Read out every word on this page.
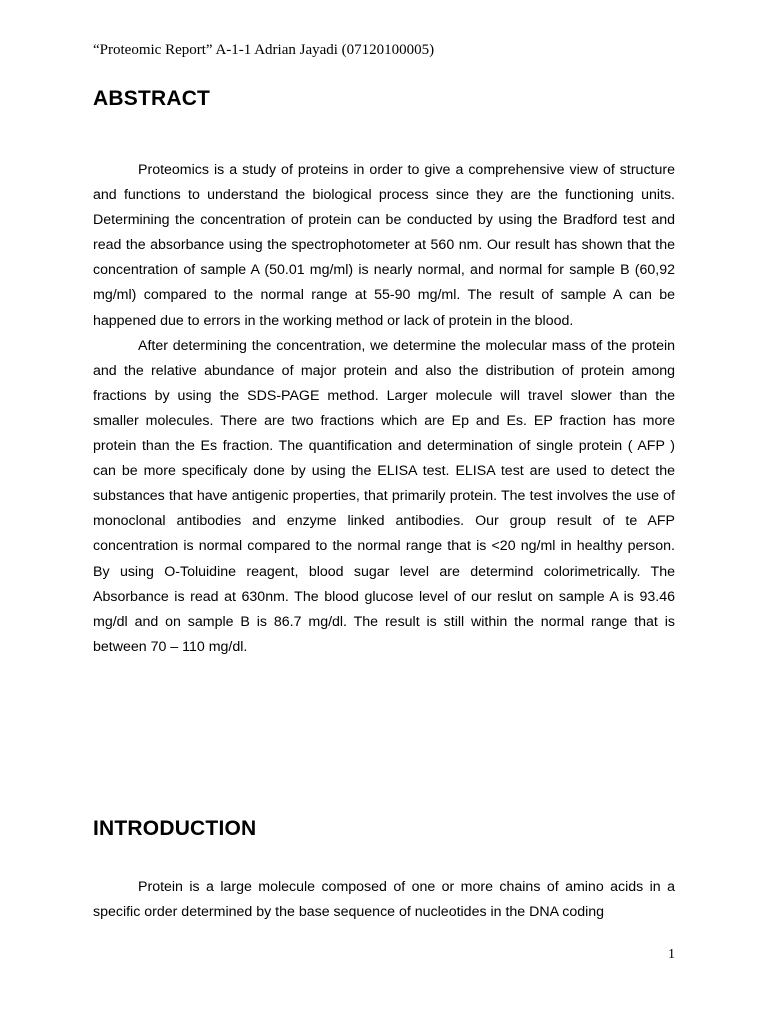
“Proteomic Report” A-1-1 Adrian Jayadi (07120100005)
ABSTRACT

Proteomics is a study of proteins in order to give a comprehensive view of structure and functions to understand the biological process since they are the functioning units. Determining the concentration of protein can be conducted by using the Bradford test and read the absorbance using the spectrophotometer at 560 nm. Our result has shown that the concentration of sample A (50.01 mg/ml) is nearly normal, and normal for sample B (60,92 mg/ml) compared to the normal range at 55-90 mg/ml. The result of sample A can be happened due to errors in the working method or lack of protein in the blood.

After determining the concentration, we determine the molecular mass of the protein and the relative abundance of major protein and also the distribution of protein among fractions by using the SDS-PAGE method. Larger molecule will travel slower than the smaller molecules. There are two fractions which are Ep and Es. EP fraction has more protein than the Es fraction. The quantification and determination of single protein ( AFP ) can be more specificaly done by using the ELISA test. ELISA test are used to detect the substances that have antigenic properties, that primarily protein. The test involves the use of monoclonal antibodies and enzyme linked antibodies. Our group result of te AFP concentration is normal compared to the normal range that is <20 ng/ml in healthy person. By using O-Toluidine reagent, blood sugar level are determind colorimetrically. The Absorbance is read at 630nm. The blood glucose level of our reslut on sample A is 93.46 mg/dl and on sample B is 86.7 mg/dl. The result is still within the normal range that is between 70 – 110 mg/dl.

INTRODUCTION

Protein is a large molecule composed of one or more chains of amino acids in a specific order determined by the base sequence of nucleotides in the DNA coding

1
